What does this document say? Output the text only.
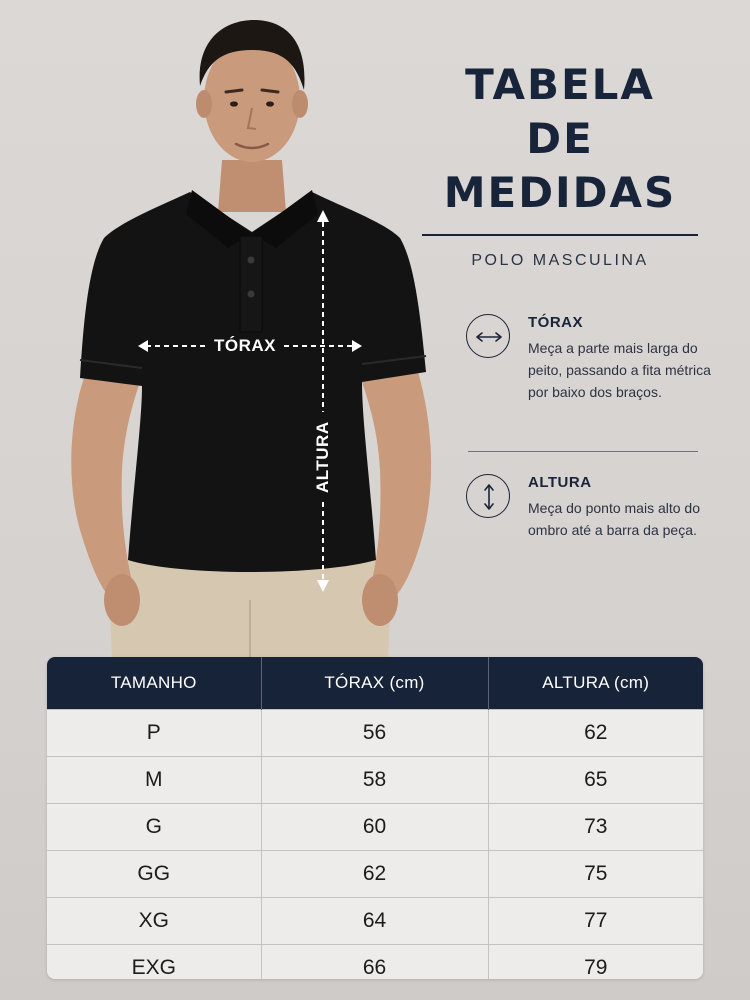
TÓRAX
ALTURA
TABELA
DE MEDIDAS
POLO MASCULINA
TÓRAX
Meça a parte mais larga do peito, passando a fita métrica por baixo dos braços.
ALTURA
Meça do ponto mais alto do ombro até a barra da peça.
TAMANHO	TÓRAX (cm)	ALTURA (cm)
P	56	62
M	58	65
G	60	73
GG	62	75
XG	64	77
EXG	66	79
